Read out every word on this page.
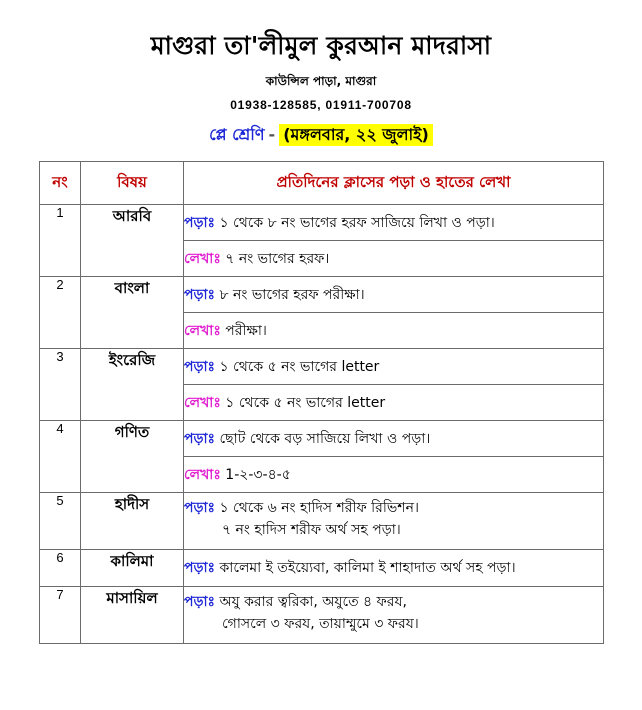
মাগুরা তা'লীমুল কুরআন মাদরাসা
কাউন্সিল পাড়া, মাগুরা
01938-128585, 01911-700708
প্লে শ্রেণি - (মঙ্গলবার, ২২ জুলাই)
নং	বিষয়	প্রতিদিনের ক্লাসের পড়া ও হাতের লেখা
1	আরবি	পড়াঃ ১ থেকে ৮ নং ভাগের হরফ সাজিয়ে লিখা ও পড়া।
		লেখাঃ ৭ নং ভাগের হরফ।
2	বাংলা	পড়াঃ ৮ নং ভাগের হরফ পরীক্ষা।
		লেখাঃ পরীক্ষা।
3	ইংরেজি	পড়াঃ ১ থেকে ৫ নং ভাগের letter
		লেখাঃ ১ থেকে ৫ নং ভাগের letter
4	গণিত	পড়াঃ ছোট থেকে বড় সাজিয়ে লিখা ও পড়া।
		লেখাঃ 1-২-৩-৪-৫
5	হাদীস	পড়াঃ ১ থেকে ৬ নং হাদিস শরীফ রিভিশন।
৭ নং হাদিস শরীফ অর্থ সহ পড়া।

6	কালিমা	পড়াঃ কালেমা ই তইয়্যেবা, কালিমা ই শাহাদাত অর্থ সহ পড়া।
7	মাসায়িল	পড়াঃ অযু করার ত্বরিকা, অযুতে ৪ ফরয,
গোসলে ৩ ফরয, তায়াম্মুমে ৩ ফরয।
